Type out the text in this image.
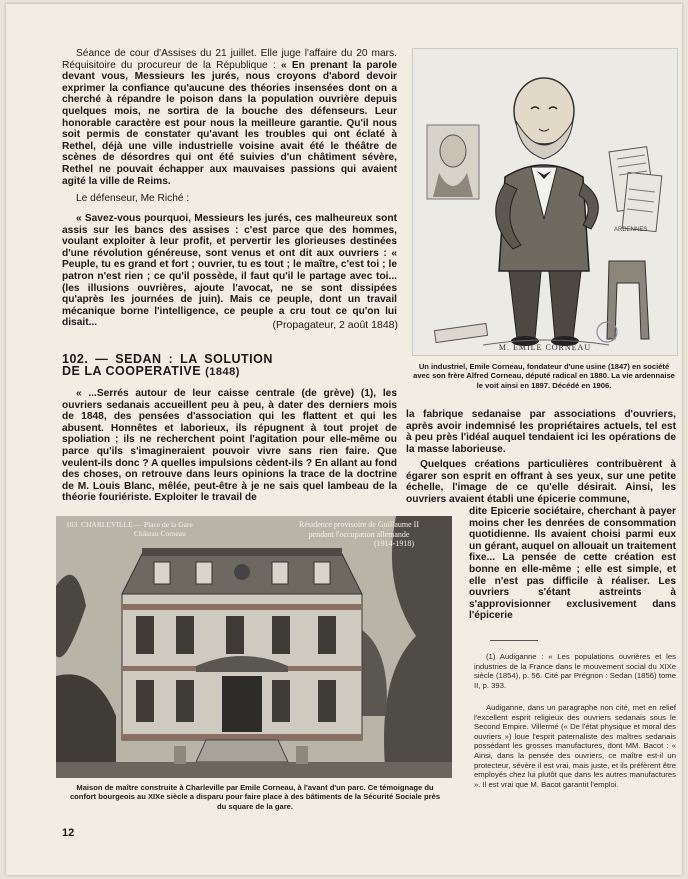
Séance de cour d'Assises du 21 juillet. Elle juge l'affaire du 20 mars. Réquisitoire du procureur de la République : « En prenant la parole devant vous, Messieurs les jurés, nous croyons d'abord devoir exprimer la confiance qu'aucune des théories insensées dont on a cherché à répandre le poison dans la population ouvrière depuis quelques mois, ne sortira de la bouche des défenseurs. Leur honorable caractère est pour nous la meilleure garantie. Qu'il nous soit permis de constater qu'avant les troubles qui ont éclaté à Rethel, déjà une ville industrielle voisine avait été le théâtre de scènes de désordres qui ont été suivies d'un châtiment sévère, Rethel ne pouvait échapper aux mauvaises passions qui avaient agité la ville de Reims.

Le défenseur, Me Riché :

« Savez-vous pourquoi, Messieurs les jurés, ces malheureux sont assis sur les bancs des assises : c'est parce que des hommes, voulant exploiter à leur profit, et pervertir les glorieuses destinées d'une révolution généreuse, sont venus et ont dit aux ouvriers : « Peuple, tu es grand et fort ; ouvrier, tu es tout ; le maître, c'est toi ; le patron n'est rien ; ce qu'il possède, il faut qu'il le partage avec toi... (les illusions ouvrières, ajoute l'avocat, ne se sont dissipées qu'après les journées de juin). Mais ce peuple, dont un travail mécanique borne l'intelligence, ce peuple a cru tout ce qu'on lui disait...	(Propagateur, 2 août 1848)

102. — SEDAN : LA SOLUTION
DE LA COOPERATIVE (1848)

« ...Serrés autour de leur caisse centrale (de grève) (1), les ouvriers sedanais accueillent peu à peu, à dater des derniers mois de 1848, des pensées d'association qui les flattent et qui les abusent. Honnêtes et laborieux, ils répugnent à tout projet de spoliation ; ils ne recherchent point l'agitation pour elle-même ou parce qu'ils s'imagineraient pouvoir vivre sans rien faire. Que veulent-ils donc ? A quelles impulsions cèdent-ils ? En allant au fond des choses, on retrouve dans leurs opinions la trace de la doctrine de M. Louis Blanc, mêlée, peut-être à je ne sais quel lambeau de la théorie fouriériste. Exploiter le travail de

ARDENNES
M. EMILE CORNEAU

Un industriel, Emile Corneau, fondateur d'une usine (1847) en société avec son frère Alfred Corneau, député radical en 1880. La vie ardennaise le voit ainsi en 1897. Décédé en 1906.

la fabrique sedanaise par associations d'ouvriers, après avoir indemnisé les propriétaires actuels, tel est à peu près l'idéal auquel tendaient ici les opérations de la masse laborieuse.

Quelques créations particulières contribuèrent à égarer son esprit en offrant à ses yeux, sur une petite échelle, l'image de ce qu'elle désirait. Ainsi, les ouvriers avaient établi une épicerie commune,

dite Epicerie sociétaire, cherchant à payer moins cher les denrées de consommation quotidienne. Ils avaient choisi parmi eux un gérant, auquel on allouait un traitement fixe... La pensée de cette création est bonne en elle-même ; elle est simple, et elle n'est pas difficile à réaliser. Les ouvriers s'étant astreints à s'approvisionner exclusivement dans l'épicerie

103. CHARLEVILLE — Place de la Gare
Château Corneau
Résidence provisoire de Guillaume II
pendant l'occupation allemande
(1914-1918)

Maison de maître construite à Charleville par Emile Corneau, à l'avant d'un parc. Ce témoignage du confort bourgeois au XIXe siècle a disparu pour faire place à des bâtiments de la Sécurité Sociale près du square de la gare.

(1) Audiganne : « Les populations ouvrières et les industries de la France dans le mouvement social du XIXe siècle (1854), p. 56. Cité par Prégnon : Sedan (1856) tome II, p. 393.

Audiganne, dans un paragraphe non cité, met en relief l'excellent esprit religieux des ouvriers sedanais sous le Second Empire. Villermé (« De l'état physique et moral des ouvriers ») loue l'esprit paternaliste des maîtres sedanais possédant les grosses manufactures, dont MM. Bacot : « Ainsi, dans la pensée des ouvriers, ce maître est-il un protecteur, sévère il est vrai, mais juste, et ils préfèrent être employés chez lui plutôt que dans les autres manufactures ». Il est vrai que M. Bacot garantit l'emploi.

12
